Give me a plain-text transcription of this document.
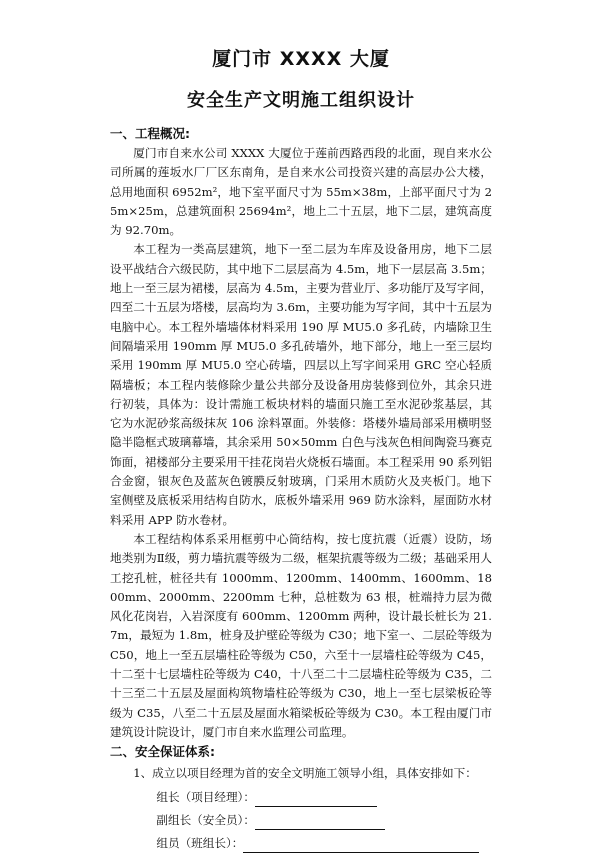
厦门市 XXXX 大厦
安全生产文明施工组织设计
一、工程概况:

厦门市自来水公司 XXXX 大厦位于莲前西路西段的北面，现自来水公司所属的莲坂水厂厂区东南角，是自来水公司投资兴建的高层办公大楼，总用地面积 6952m²，地下室平面尺寸为 55m×38m，上部平面尺寸为 25m×25m，总建筑面积 25694m²，地上二十五层，地下二层，建筑高度为 92.70m。

本工程为一类高层建筑，地下一至二层为车库及设备用房，地下二层设平战结合六级民防，其中地下二层层高为 4.5m，地下一层层高 3.5m；地上一至三层为裙楼，层高为 4.5m，主要为营业厅、多功能厅及写字间，四至二十五层为塔楼，层高均为 3.6m，主要功能为写字间，其中十五层为电脑中心。本工程外墙墙体材料采用 190 厚 MU5.0 多孔砖，内墙除卫生间隔墙采用 190mm 厚 MU5.0 多孔砖墙外，地下部分，地上一至三层均采用 190mm 厚 MU5.0 空心砖墙，四层以上写字间采用 GRC 空心轻质隔墙板；本工程内装修除少量公共部分及设备用房装修到位外，其余只进行初装，具体为：设计需施工板块材料的墙面只施工至水泥砂浆基层，其它为水泥砂浆高级抹灰 106 涂料罩面。外装修：塔楼外墙局部采用横明竖隐半隐框式玻璃幕墙，其余采用 50×50mm 白色与浅灰色相间陶瓷马赛克饰面，裙楼部分主要采用干挂花岗岩火烧板石墙面。本工程采用 90 系列铝合金窗，银灰色及蓝灰色镀膜反射玻璃，门采用木质防火及夹板门。地下室侧壁及底板采用结构自防水，底板外墙采用 969 防水涂料，屋面防水材料采用 APP 防水卷材。

本工程结构体系采用框剪中心筒结构，按七度抗震（近震）设防，场地类别为Ⅱ级，剪力墙抗震等级为二级，框架抗震等级为二级；基础采用人工挖孔桩，桩径共有 1000mm、1200mm、1400mm、1600mm、1800mm、2000mm、2200mm 七种，总桩数为 63 根，桩端持力层为微风化花岗岩，入岩深度有 600mm、1200mm 两种，设计最长桩长为 21.7m，最短为 1.8m，桩身及护壁砼等级为 C30；地下室一、二层砼等级为 C50，地上一至五层墙柱砼等级为 C50，六至十一层墙柱砼等级为 C45，十二至十七层墙柱砼等级为 C40，十八至二十二层墙柱砼等级为 C35，二十三至二十五层及屋面构筑物墙柱砼等级为 C30，地上一至七层梁板砼等级为 C35，八至二十五层及屋面水箱梁板砼等级为 C30。本工程由厦门市建筑设计院设计，厦门市自来水监理公司监理。

二、安全保证体系:
1、成立以项目经理为首的安全文明施工领导小组，具体安排如下：
组长（项目经理）：
副组长（安全员）：
组员（班组长）：
